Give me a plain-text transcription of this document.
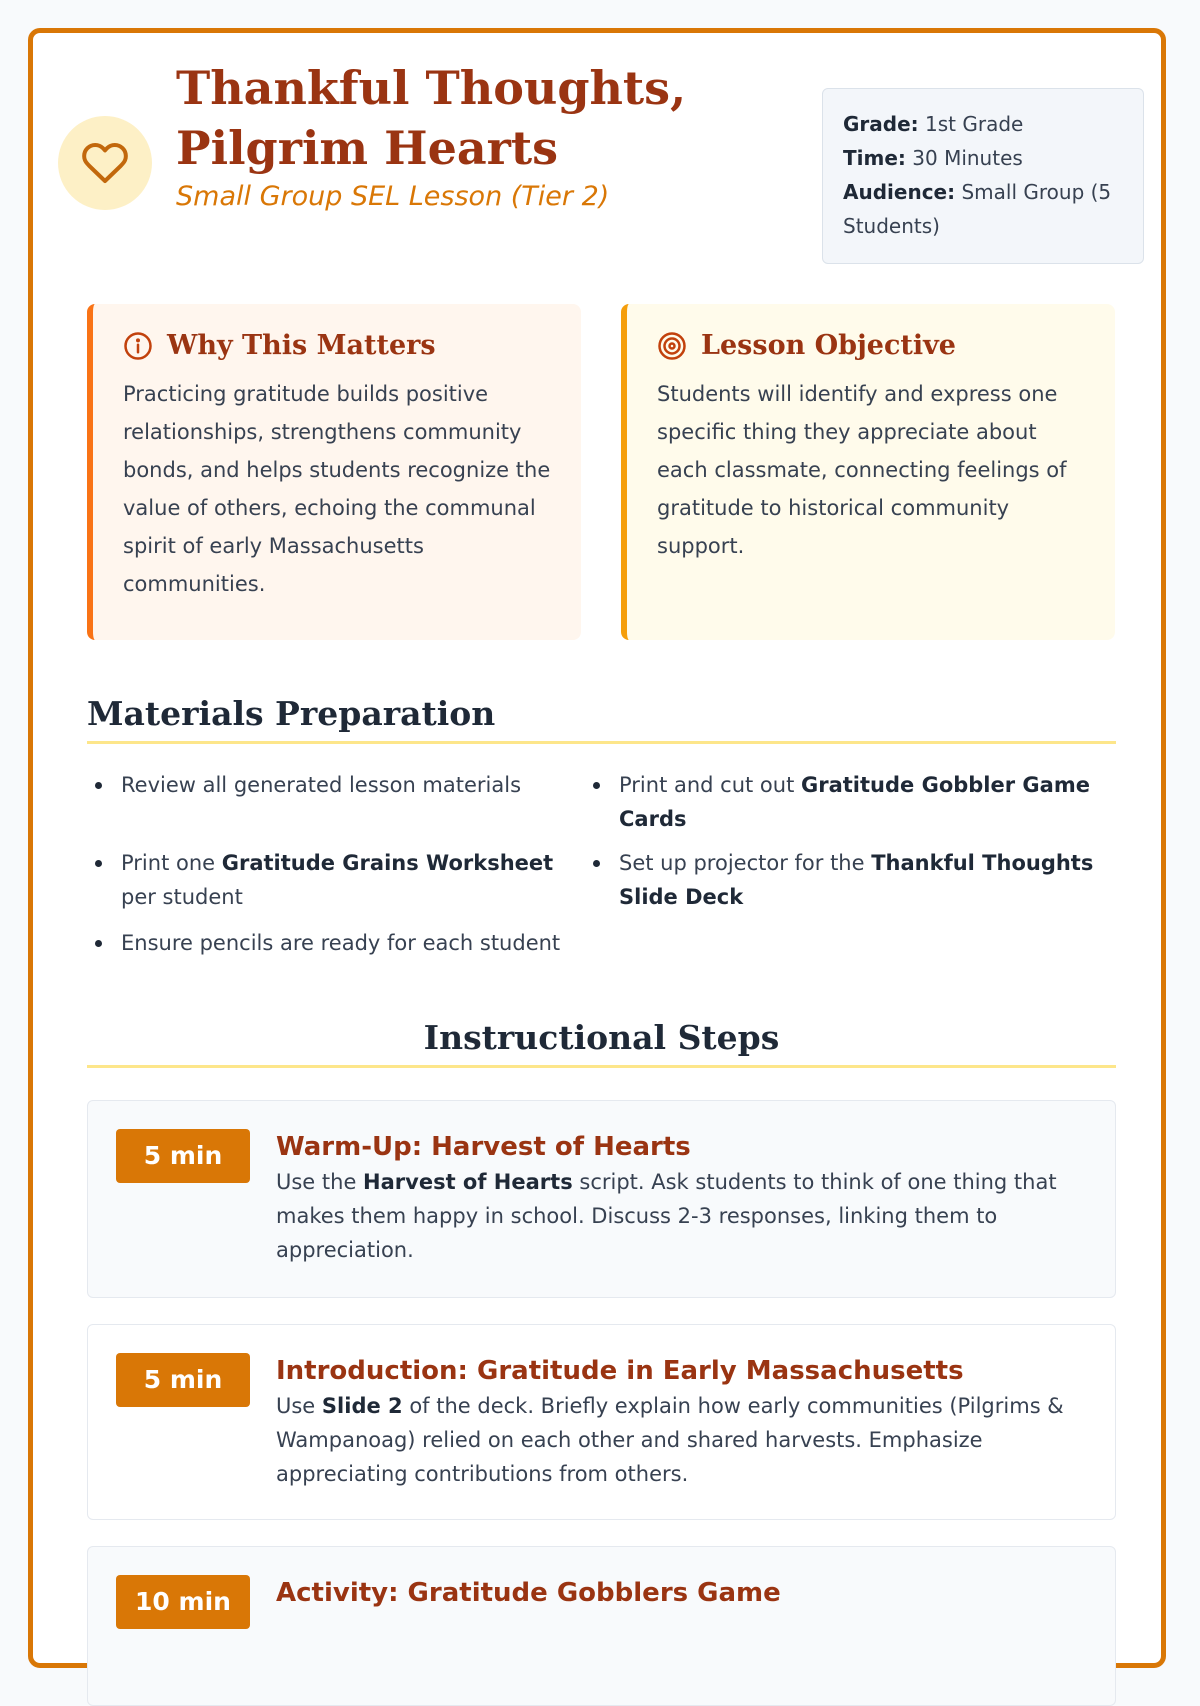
Thankful Thoughts, Pilgrim Hearts

Small Group SEL Lesson (Tier 2)

Grade: 1st Grade
Time: 30 Minutes
Audience: Small Group (5 Students)
Why This Matters

Practicing gratitude builds positive relationships, strengthens community bonds, and helps students recognize the value of others, echoing the communal spirit of early Massachusetts communities.

Lesson Objective

Students will identify and express one specific thing they appreciate about each classmate, connecting feelings of gratitude to historical community support.

Materials Preparation
Review all generated lesson materials	Print and cut out Gratitude Gobbler Game Cards
Print one Gratitude Grains Worksheet per student
Set up projector for the Thankful Thoughts Slide Deck
Ensure pencils are ready for each student
Instructional Steps
5 min	Warm-Up: Harvest of Hearts

Use the Harvest of Hearts script. Ask students to think of one thing that makes them happy in school. Discuss 2-3 responses, linking them to appreciation.

5 min	Introduction: Gratitude in Early Massachusetts

Use Slide 2 of the deck. Briefly explain how early communities (Pilgrims & Wampanoag) relied on each other and shared harvests. Emphasize appreciating contributions from others.

10 min	Activity: Gratitude Gobblers Game
